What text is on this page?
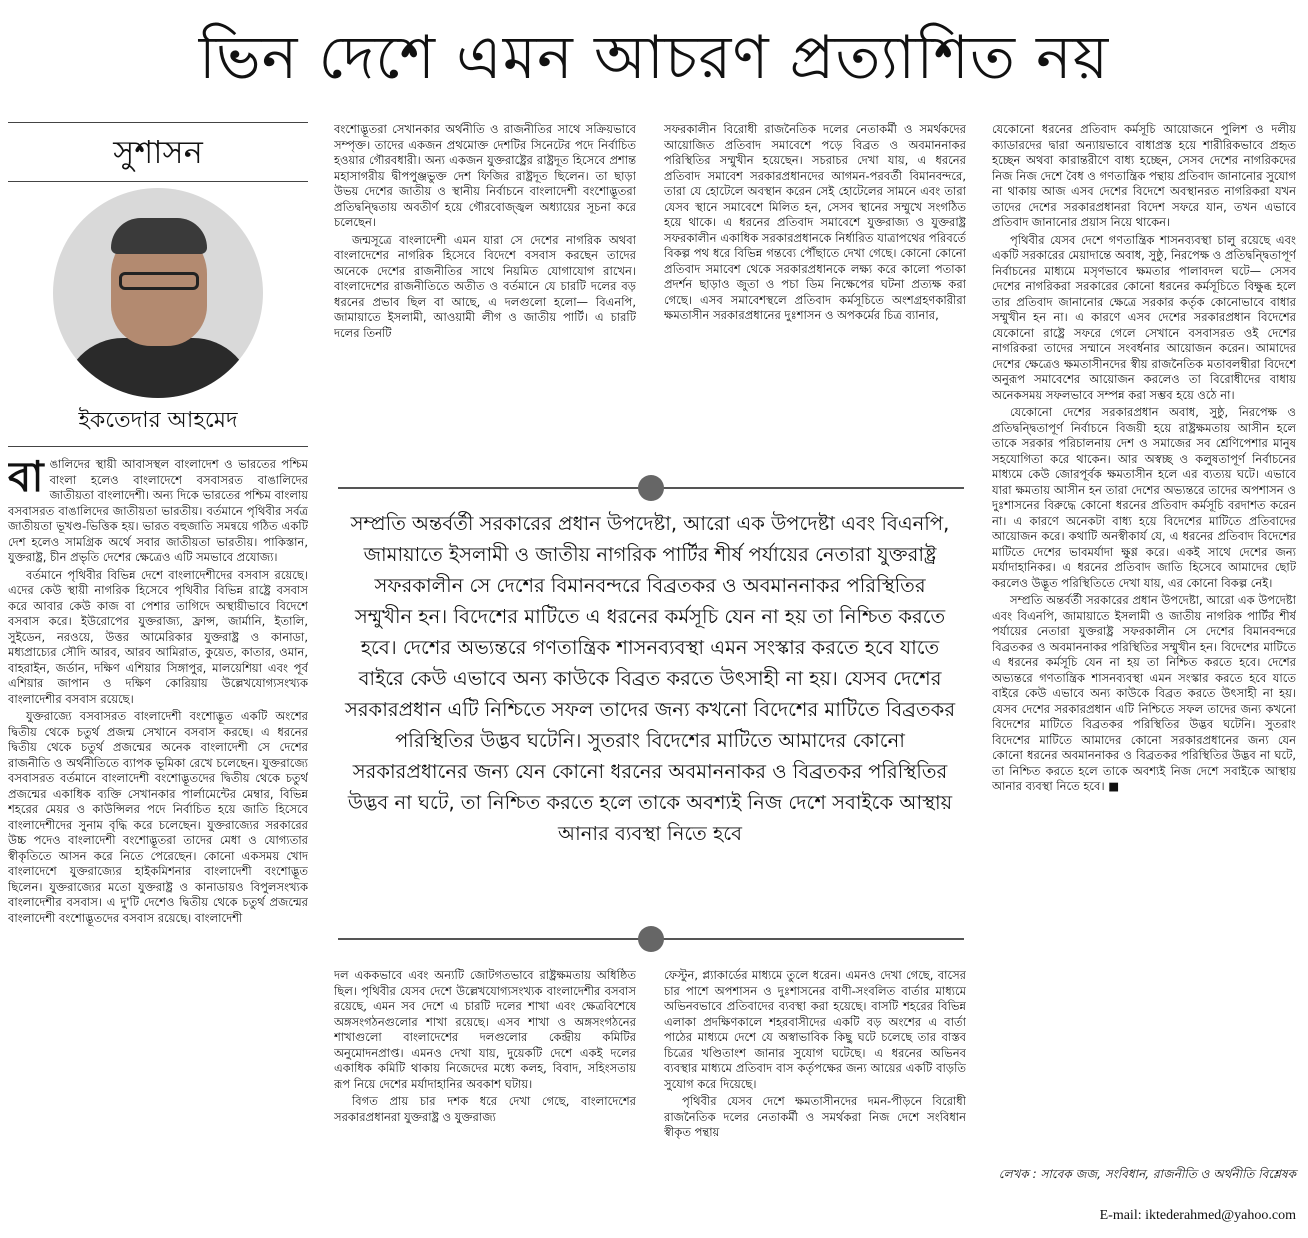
ভিন দেশে এমন আচরণ প্রত্যাশিত নয়
সুশাসন
ইকতেদার আহমেদ

বাঙালিদের স্থায়ী আবাসস্থল বাংলাদেশ ও ভারতের পশ্চিম বাংলা হলেও বাংলাদেশে বসবাসরত বাঙালিদের জাতীয়তা বাংলাদেশী। অন্য দিকে ভারতের পশ্চিম বাংলায় বসবাসরত বাঙালিদের জাতীয়তা ভারতীয়। বর্তমানে পৃথিবীর সর্বত্র জাতীয়তা ভূখণ্ড-ভিত্তিক হয়। ভারত বহুজাতি সমন্বয়ে গঠিত একটি দেশ হলেও সামগ্রিক অর্থে সবার জাতীয়তা ভারতীয়। পাকিস্তান, যুক্তরাষ্ট্র, চীন প্রভৃতি দেশের ক্ষেত্রেও এটি সমভাবে প্রযোজ্য।

বর্তমানে পৃথিবীর বিভিন্ন দেশে বাংলাদেশীদের বসবাস রয়েছে। এদের কেউ স্থায়ী নাগরিক হিসেবে পৃথিবীর বিভিন্ন রাষ্ট্রে বসবাস করে আবার কেউ কাজ বা পেশার তাগিদে অস্থায়ীভাবে বিদেশে বসবাস করে। ইউরোপের যুক্তরাজ্য, ফ্রান্স, জার্মানি, ইতালি, সুইডেন, নরওয়ে, উত্তর আমেরিকার যুক্তরাষ্ট্র ও কানাডা, মধ্যপ্রাচ্যের সৌদি আরব, আরব আমিরাত, কুয়েত, কাতার, ওমান, বাহরাইন, জর্ডান, দক্ষিণ এশিয়ার সিঙ্গাপুর, মালয়েশিয়া এবং পূর্ব এশিয়ার জাপান ও দক্ষিণ কোরিয়ায় উল্লেখযোগ্যসংখ্যক বাংলাদেশীর বসবাস রয়েছে।

যুক্তরাজ্যে বসবাসরত বাংলাদেশী বংশোদ্ভূত একটি অংশের দ্বিতীয় থেকে চতুর্থ প্রজন্ম সেখানে বসবাস করছে। এ ধরনের দ্বিতীয় থেকে চতুর্থ প্রজন্মের অনেক বাংলাদেশী সে দেশের রাজনীতি ও অর্থনীতিতে ব্যাপক ভূমিকা রেখে চলেছেন। যুক্তরাজ্যে বসবাসরত বর্তমানে বাংলাদেশী বংশোদ্ভূতদের দ্বিতীয় থেকে চতুর্থ প্রজন্মের একাধিক ব্যক্তি সেখানকার পার্লামেন্টের মেম্বার, বিভিন্ন শহরের মেয়র ও কাউন্সিলর পদে নির্বাচিত হয়ে জাতি হিসেবে বাংলাদেশীদের সুনাম বৃদ্ধি করে চলেছেন। যুক্তরাজ্যের সরকারের উচ্চ পদেও বাংলাদেশী বংশোদ্ভূতরা তাদের মেধা ও যোগ্যতার স্বীকৃতিতে আসন করে নিতে পেরেছেন। কোনো একসময় খোদ বাংলাদেশে যুক্তরাজ্যের হাইকমিশনার বাংলাদেশী বংশোদ্ভূত ছিলেন। যুক্তরাজ্যের মতো যুক্তরাষ্ট্র ও কানাডায়ও বিপুলসংখ্যক বাংলাদেশীর বসবাস। এ দু'টি দেশেও দ্বিতীয় থেকে চতুর্থ প্রজন্মের বাংলাদেশী বংশোদ্ভূতদের বসবাস রয়েছে। বাংলাদেশী

বংশোদ্ভূতরা সেখানকার অর্থনীতি ও রাজনীতির সাথে সক্রিয়ভাবে সম্পৃক্ত। তাদের একজন প্রথমোক্ত দেশটির সিনেটের পদে নির্বাচিত হওয়ার গৌরবধারী। অন্য একজন যুক্তরাষ্ট্রের রাষ্ট্রদূত হিসেবে প্রশান্ত মহাসাগরীয় দ্বীপপুঞ্জভুক্ত দেশ ফিজির রাষ্ট্রদূত ছিলেন। তা ছাড়া উভয় দেশের জাতীয় ও স্থানীয় নির্বাচনে বাংলাদেশী বংশোদ্ভূতরা প্রতিদ্বন্দ্বিতায় অবতীর্ণ হয়ে গৌরবোজ্জ্বল অধ্যায়ের সূচনা করে চলেছেন।

জন্মসূত্রে বাংলাদেশী এমন যারা সে দেশের নাগরিক অথবা বাংলাদেশের নাগরিক হিসেবে বিদেশে বসবাস করছেন তাদের অনেকে দেশের রাজনীতির সাথে নিয়মিত যোগাযোগ রাখেন। বাংলাদেশের রাজনীতিতে অতীত ও বর্তমানে যে চারটি দলের বড় ধরনের প্রভাব ছিল বা আছে, এ দলগুলো হলো— বিএনপি, জামায়াতে ইসলামী, আওয়ামী লীগ ও জাতীয় পার্টি। এ চারটি দলের তিনটি

সফরকালীন বিরোধী রাজনৈতিক দলের নেতাকর্মী ও সমর্থকদের আয়োজিত প্রতিবাদ সমাবেশে পড়ে বিব্রত ও অবমাননাকর পরিস্থিতির সম্মুখীন হয়েছেন। সচরাচর দেখা যায়, এ ধরনের প্রতিবাদ সমাবেশ সরকারপ্রধানদের আগমন-পরবর্তী বিমানবন্দরে, তারা যে হোটেলে অবস্থান করেন সেই হোটেলের সামনে এবং তারা যেসব স্থানে সমাবেশে মিলিত হন, সেসব স্থানের সম্মুখে সংগঠিত হয়ে থাকে। এ ধরনের প্রতিবাদ সমাবেশে যুক্তরাজ্য ও যুক্তরাষ্ট্র সফরকালীন একাধিক সরকারপ্রধানকে নির্ধারিত যাত্রাপথের পরিবর্তে বিকল্প পথ ধরে বিভিন্ন গন্তব্যে পৌঁছাতে দেখা গেছে। কোনো কোনো প্রতিবাদ সমাবেশ থেকে সরকারপ্রধানকে লক্ষ্য করে কালো পতাকা প্রদর্শন ছাড়াও জুতা ও পচা ডিম নিক্ষেপের ঘটনা প্রত্যক্ষ করা গেছে। এসব সমাবেশস্থলে প্রতিবাদ কর্মসূচিতে অংশগ্রহণকারীরা ক্ষমতাসীন সরকারপ্রধানের দুঃশাসন ও অপকর্মের চিত্র ব্যানার,

যেকোনো ধরনের প্রতিবাদ কর্মসূচি আয়োজনে পুলিশ ও দলীয় ক্যাডারদের দ্বারা অন্যায়ভাবে বাধাপ্রস্ত হয়ে শারীরিকভাবে প্রহৃত হচ্ছেন অথবা কারান্তরীণে বাধ্য হচ্ছেন, সেসব দেশের নাগরিকদের নিজ নিজ দেশে বৈধ ও গণতান্ত্রিক পন্থায় প্রতিবাদ জানানোর সুযোগ না থাকায় আজ এসব দেশের বিদেশে অবস্থানরত নাগরিকরা যখন তাদের দেশের সরকারপ্রধানরা বিদেশ সফরে যান, তখন এভাবে প্রতিবাদ জানানোর প্রয়াস নিয়ে থাকেন।

পৃথিবীর যেসব দেশে গণতান্ত্রিক শাসনব্যবস্থা চালু রয়েছে এবং একটি সরকারের মেয়াদান্তে অবাধ, সুষ্ঠু, নিরপেক্ষ ও প্রতিদ্বন্দ্বিতাপূর্ণ নির্বাচনের মাধ্যমে মসৃণভাবে ক্ষমতার পালাবদল ঘটে— সেসব দেশের নাগরিকরা সরকারের কোনো ধরনের কর্মসূচিতে বিক্ষুব্ধ হলে তার প্রতিবাদ জানানোর ক্ষেত্রে সরকার কর্তৃক কোনোভাবে বাধার সম্মুখীন হন না। এ কারণে এসব দেশের সরকারপ্রধান বিদেশের যেকোনো রাষ্ট্রে সফরে গেলে সেখানে বসবাসরত ওই দেশের নাগরিকরা তাদের সম্মানে সংবর্ধনার আয়োজন করেন। আমাদের দেশের ক্ষেত্রেও ক্ষমতাসীনদের স্বীয় রাজনৈতিক মতাবলম্বীরা বিদেশে অনুরূপ সমাবেশের আয়োজন করলেও তা বিরোধীদের বাধায় অনেকসময় সফলভাবে সম্পন্ন করা সম্ভব হয়ে ওঠে না।

যেকোনো দেশের সরকারপ্রধান অবাধ, সুষ্ঠু, নিরপেক্ষ ও প্রতিদ্বন্দ্বিতাপূর্ণ নির্বাচনে বিজয়ী হয়ে রাষ্ট্রক্ষমতায় আসীন হলে তাকে সরকার পরিচালনায় দেশ ও সমাজের সব শ্রেণিপেশার মানুষ সহযোগিতা করে থাকেন। আর অস্বচ্ছ ও কলুষতাপূর্ণ নির্বাচনের মাধ্যমে কেউ জোরপূর্বক ক্ষমতাসীন হলে এর ব্যত্যয় ঘটে। এভাবে যারা ক্ষমতায় আসীন হন তারা দেশের অভ্যন্তরে তাদের অপশাসন ও দুঃশাসনের বিরুদ্ধে কোনো ধরনের প্রতিবাদ কর্মসূচি বরদাশত করেন না। এ কারণে অনেকটা বাধ্য হয়ে বিদেশের মাটিতে প্রতিবাদের আয়োজন করে। কথাটি অনস্বীকার্য যে, এ ধরনের প্রতিবাদ বিদেশের মাটিতে দেশের ভাবমর্যাদা ক্ষুণ্ণ করে। একই সাথে দেশের জন্য মর্যাদাহানিকর। এ ধরনের প্রতিবাদ জাতি হিসেবে আমাদের ছোট করলেও উদ্ভূত পরিস্থিতিতে দেখা যায়, এর কোনো বিকল্প নেই।

সম্প্রতি অন্তর্বর্তী সরকারের প্রধান উপদেষ্টা, আরো এক উপদেষ্টা এবং বিএনপি, জামায়াতে ইসলামী ও জাতীয় নাগরিক পার্টির শীর্ষ পর্যায়ের নেতারা যুক্তরাষ্ট্র সফরকালীন সে দেশের বিমানবন্দরে বিব্রতকর ও অবমাননাকর পরিস্থিতির সম্মুখীন হন। বিদেশের মাটিতে এ ধরনের কর্মসূচি যেন না হয় তা নিশ্চিত করতে হবে। দেশের অভ্যন্তরে গণতান্ত্রিক শাসনব্যবস্থা এমন সংস্কার করতে হবে যাতে বাইরে কেউ এভাবে অন্য কাউকে বিব্রত করতে উৎসাহী না হয়। যেসব দেশের সরকারপ্রধান এটি নিশ্চিতে সফল তাদের জন্য কখনো বিদেশের মাটিতে বিব্রতকর পরিস্থিতির উদ্ভব ঘটেনি। সুতরাং বিদেশের মাটিতে আমাদের কোনো সরকারপ্রধানের জন্য যেন কোনো ধরনের অবমাননাকর ও বিব্রতকর পরিস্থিতির উদ্ভব না ঘটে, তা নিশ্চিত করতে হলে তাকে অবশ্যই নিজ দেশে সবাইকে আস্থায় আনার ব্যবস্থা নিতে হবে। ■

সম্প্রতি অন্তর্বর্তী সরকারের প্রধান উপদেষ্টা, আরো এক উপদেষ্টা এবং বিএনপি, জামায়াতে ইসলামী ও জাতীয় নাগরিক পার্টির শীর্ষ পর্যায়ের নেতারা যুক্তরাষ্ট্র সফরকালীন সে দেশের বিমানবন্দরে বিব্রতকর ও অবমাননাকর পরিস্থিতির সম্মুখীন হন। বিদেশের মাটিতে এ ধরনের কর্মসূচি যেন না হয় তা নিশ্চিত করতে হবে। দেশের অভ্যন্তরে গণতান্ত্রিক শাসনব্যবস্থা এমন সংস্কার করতে হবে যাতে বাইরে কেউ এভাবে অন্য কাউকে বিব্রত করতে উৎসাহী না হয়। যেসব দেশের সরকারপ্রধান এটি নিশ্চিতে সফল তাদের জন্য কখনো বিদেশের মাটিতে বিব্রতকর পরিস্থিতির উদ্ভব ঘটেনি। সুতরাং বিদেশের মাটিতে আমাদের কোনো সরকারপ্রধানের জন্য যেন কোনো ধরনের অবমাননাকর ও বিব্রতকর পরিস্থিতির উদ্ভব না ঘটে, তা নিশ্চিত করতে হলে তাকে অবশ্যই নিজ দেশে সবাইকে আস্থায় আনার ব্যবস্থা নিতে হবে

দল এককভাবে এবং অন্যটি জোটগতভাবে রাষ্ট্রক্ষমতায় অধিষ্ঠিত ছিল। পৃথিবীর যেসব দেশে উল্লেখযোগ্যসংখ্যক বাংলাদেশীর বসবাস রয়েছে, এমন সব দেশে এ চারটি দলের শাখা এবং ক্ষেত্রবিশেষে অঙ্গসংগঠনগুলোর শাখা রয়েছে। এসব শাখা ও অঙ্গসংগঠনের শাখাগুলো বাংলাদেশের দলগুলোর কেন্দ্রীয় কমিটির অনুমোদনপ্রাপ্ত। এমনও দেখা যায়, দুয়েকটি দেশে একই দলের একাধিক কমিটি থাকায় নিজেদের মধ্যে কলহ, বিবাদ, সহিংসতায় রূপ নিয়ে দেশের মর্যাদাহানির অবকাশ ঘটায়।

বিগত প্রায় চার দশক ধরে দেখা গেছে, বাংলাদেশের সরকারপ্রধানরা যুক্তরাষ্ট্র ও যুক্তরাজ্য

ফেস্টুন, প্ল্যাকার্ডের মাধ্যমে তুলে ধরেন। এমনও দেখা গেছে, বাসের চার পাশে অপশাসন ও দুঃশাসনের বাণী-সংবলিত বার্তার মাধ্যমে অভিনবভাবে প্রতিবাদের ব্যবস্থা করা হয়েছে। বাসটি শহরের বিভিন্ন এলাকা প্রদক্ষিণকালে শহরবাসীদের একটি বড় অংশের এ বার্তা পাঠের মাধ্যমে দেশে যে অস্বাভাবিক কিছু ঘটে চলেছে তার বাস্তব চিত্রের খণ্ডিতাংশ জানার সুযোগ ঘটেছে। এ ধরনের অভিনব ব্যবস্থার মাধ্যমে প্রতিবাদ বাস কর্তৃপক্ষের জন্য আয়ের একটি বাড়তি সুযোগ করে দিয়েছে।

পৃথিবীর যেসব দেশে ক্ষমতাসীনদের দমন-পীড়নে বিরোধী রাজনৈতিক দলের নেতাকর্মী ও সমর্থকরা নিজ দেশে সংবিধান স্বীকৃত পন্থায়

লেখক : সাবেক জজ, সংবিধান, রাজনীতি ও অর্থনীতি বিশ্লেষক
E-mail: iktederahmed@yahoo.com
